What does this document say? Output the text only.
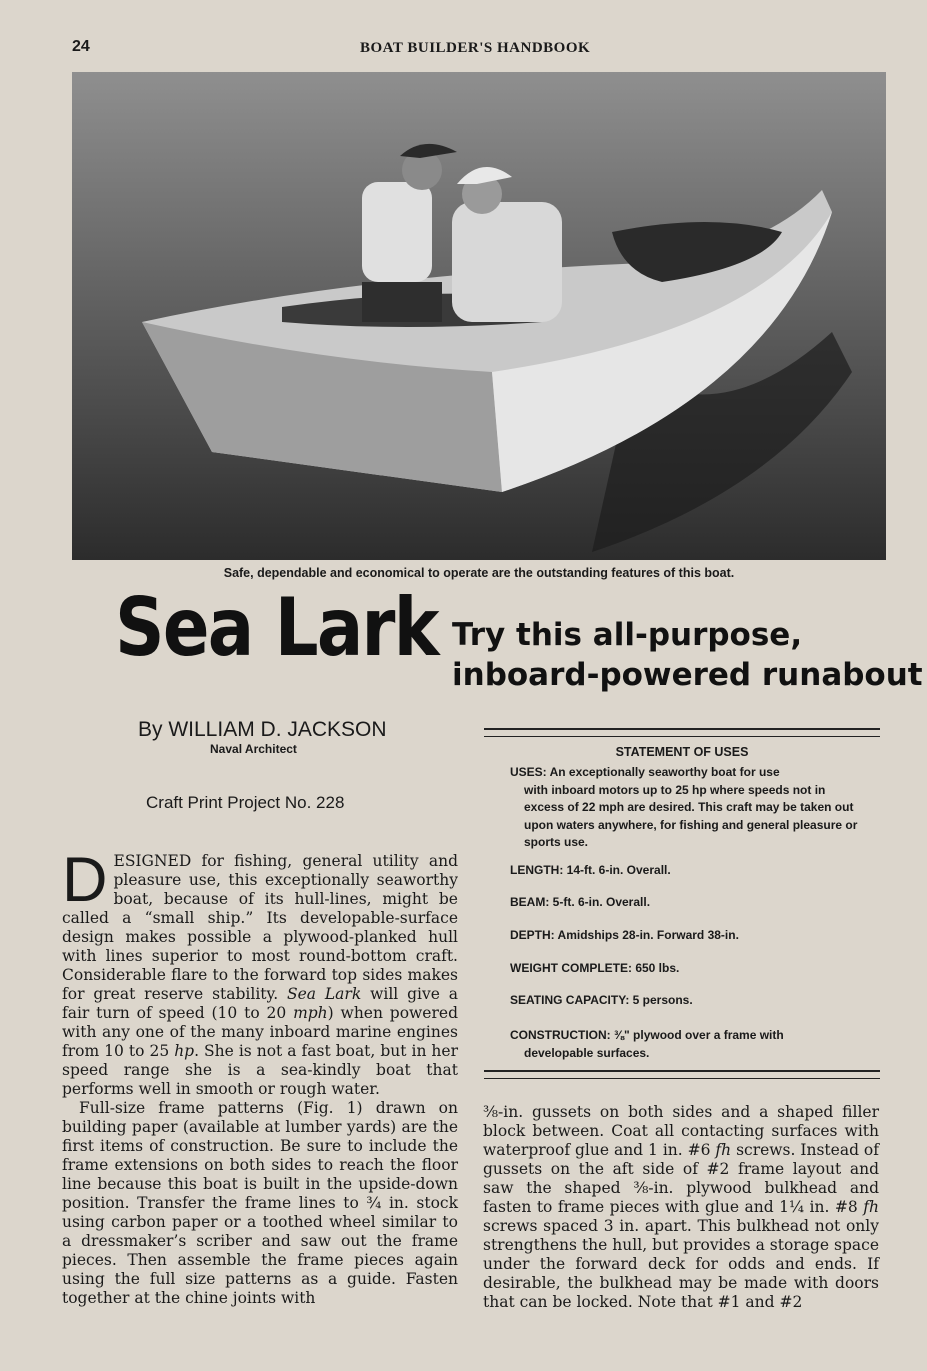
24	BOAT BUILDER'S HANDBOOK
Safe, dependable and economical to operate are the outstanding features of this boat.
Sea Lark Try this all-purpose,
inboard-powered runabout
By WILLIAM D. JACKSON
Naval Architect
Craft Print Project No. 228
STATEMENT OF USES
USES: An exceptionally seaworthy boat for use
with inboard motors up to 25 hp where speeds not in excess of 22 mph are desired. This craft may be taken out upon waters anywhere, for fishing and general pleasure or sports use.
LENGTH: 14-ft. 6-in. Overall.
BEAM: 5-ft. 6-in. Overall.
DEPTH: Amidships 28-in. Forward 38-in.
WEIGHT COMPLETE: 650 lbs.
SEATING CAPACITY: 5 persons.
CONSTRUCTION: ⅜" plywood over a frame with
developable surfaces.

DESIGNED for fishing, general utility and pleasure use, this exceptionally seaworthy boat, because of its hull-lines, might be called a “small ship.” Its developable-surface design makes possible a plywood-planked hull with lines superior to most round-bottom craft. Considerable flare to the forward top sides makes for great reserve stability. Sea Lark will give a fair turn of speed (10 to 20 mph) when powered with any one of the many inboard marine engines from 10 to 25 hp. She is not a fast boat, but in her speed range she is a sea-kindly boat that performs well in smooth or rough water.

Full-size frame patterns (Fig. 1) drawn on building paper (available at lumber yards) are the first items of construction. Be sure to include the frame extensions on both sides to reach the floor line because this boat is built in the upside-down position. Transfer the frame lines to ¾ in. stock using carbon paper or a toothed wheel similar to a dressmaker’s scriber and saw out the frame pieces. Then assemble the frame pieces again using the full size patterns as a guide. Fasten together at the chine joints with

⅜-in. gussets on both sides and a shaped filler block between. Coat all contacting surfaces with waterproof glue and 1 in. #6 fh screws. Instead of gussets on the aft side of #2 frame layout and saw the shaped ⅜-in. plywood bulkhead and fasten to frame pieces with glue and 1¼ in. #8 fh screws spaced 3 in. apart. This bulkhead not only strengthens the hull, but provides a storage space under the forward deck for odds and ends. If desirable, the bulkhead may be made with doors that can be locked. Note that #1 and #2
